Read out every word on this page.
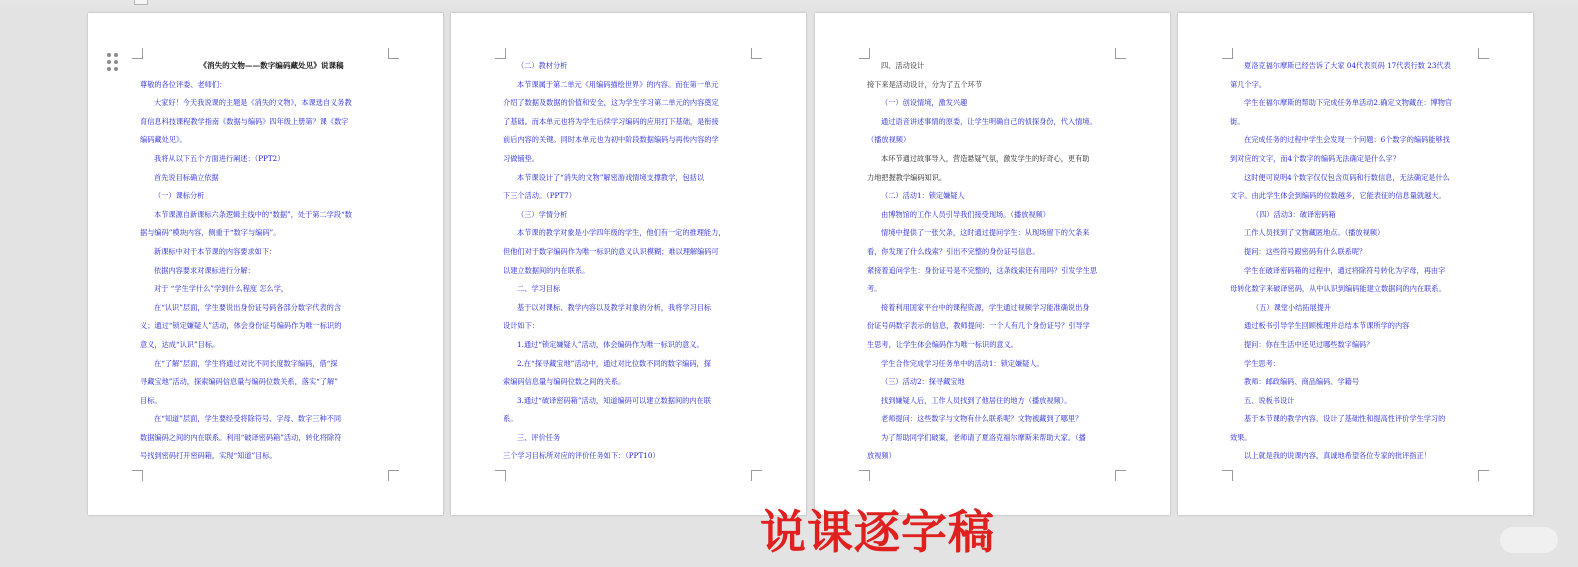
《消失的文物——数字编码藏处见》说课稿
尊敬的各位评委、老师们：
大家好！今天我说课的主题是《消失的文物》，本课选自义务教
育信息科技课程教学指南《数据与编码》四年级上册第？课《数字
编码藏处见》。
我将从以下五个方面进行阐述：（PPT2）
首先说目标确立依据
（一）课标分析
本节课源自新课标六条逻辑主线中的“数据”，处于第二学段“数
据与编码”模块内容，侧重于“数字与编码”。
新课标中对于本节课的内容要求如下：
依据内容要求对课标进行分解：
对于 “学生学什么”学到什么程度 怎么学，
在“认识”层面，学生要说出身份证号码各部分数字代表的含
义；通过“锁定嫌疑人”活动，体会身份证号编码作为唯一标识的
意义，达成“认识”目标。
在“了解”层面，学生将通过对比不同长度数字编码，借“探
寻藏宝地”活动，探索编码信息量与编码位数关系，落实“了解”
目标。
在“知道”层面，学生要经受将除符号、字母、数字三种不同
数据编码之间的内在联系。利用“破译密码箱”活动，转化将除符
号找到密码打开密码箱，实现“知道”目标。
（二）教材分析
本节课属于第二单元《用编码描绘世界》的内容。而在第一单元
介绍了数据及数据的价值和安全，这为学生学习第二单元的内容奠定
了基础。而本单元也将为学生后续学习编码的应用打下基础，是衔接
前后内容的关键。同时本单元也为初中阶段数据编码与再传内容的学
习做铺垫。
本节课设计了“消失的文物”解密游戏情境支撑教学，包括以
下三个活动。（PPT7）
（三）学情分析
本节课的教学对象是小学四年级的学生，他们有一定的推理能力，
但他们对于数字编码作为唯一标识的意义认识模糊；难以理解编码可
以建立数据间的内在联系。
二、学习目标
基于以对课标、教学内容以及教学对象的分析，我将学习目标
设计如下：
1.通过“锁定嫌疑人”活动，体会编码作为唯一标识的意义。
2.在“探寻藏宝地”活动中，通过对比位数不同的数字编码，探
索编码信息量与编码位数之间的关系。
3.通过“破译密码箱”活动，知道编码可以建立数据间的内在联
系。
三、评价任务
三个学习目标所对应的评价任务如下：（PPT10）
四、活动设计
接下来是活动设计，分为了五个环节
（一）创设情境，激发兴趣
通过语音讲述事情的原委，让学生明确自己的侦探身份，代入情境。
（播放视频）
本环节通过故事导入，营造悬疑气氛，激发学生的好奇心，更有助
力地把握教学编码知识。
（二）活动1：锁定嫌疑人
由博物馆的工作人员引导我们接受现场。（播放视频）
情境中提供了一张欠条，这时通过提问学生：从现场留下的欠条来
看，你发现了什么线索？引出不完整的身份证号信息。
紧接着追问学生：身份证号是不完整的，这条线索还有用吗？引发学生思
考。
接着利用国家平台中的课程资源，学生通过视频学习能准确说出身
份证号码数字表示的信息，教师提问：一个人有几个身份证号？引导学
生思考，让学生体会编码作为唯一标识的意义。
学生合作完成学习任务单中的活动1：锁定嫌疑人。
（三）活动2：探寻藏宝地
找到嫌疑人后，工作人员找到了他居住的地方（播放视频）。
老师提问：这些数字与文物有什么联系呢？文物被藏到了哪里？
为了帮助同学们破案，老师请了夏洛克福尔摩斯来帮助大家。（播
放视频）
夏洛克福尔摩斯已经告诉了大家 04代表页码 17代表行数 23代表
第几个字。
学生在福尔摩斯的帮助下完成任务单活动2.确定文物藏在：博物官
街。
在完成任务的过程中学生会发现一个问题：6个数字的编码能够找
到对应的文字，而4个数字的编码无法确定是什么字？
这时便可说明4个数字仅仅包含页码和行数信息，无法确定是什么
文字。由此学生体会到编码的位数越多，它能表征的信息量就越大。
（四）活动3：破译密码箱
工作人员找到了文物藏匿地点。（播放视频）
提问：这些符号跟密码有什么联系呢？
学生在破译密码箱的过程中，通过将除符号转化为字母，再由字
母转化数字来破译密码，从中认识到编码能建立数据间的内在联系。
（五）课堂小结拓展提升
通过板书引导学生回顾梳理并总结本节课所学的内容
提问：你在生活中还见过哪些数字编码？
学生思考：
教师：邮政编码、商品编码、学籍号
五、说板书设计
基于本节课的教学内容，设计了基础性和提高性评价学生学习的
效果。
以上就是我的说课内容，真诚地希望各位专家的批评指正！
说课逐字稿
